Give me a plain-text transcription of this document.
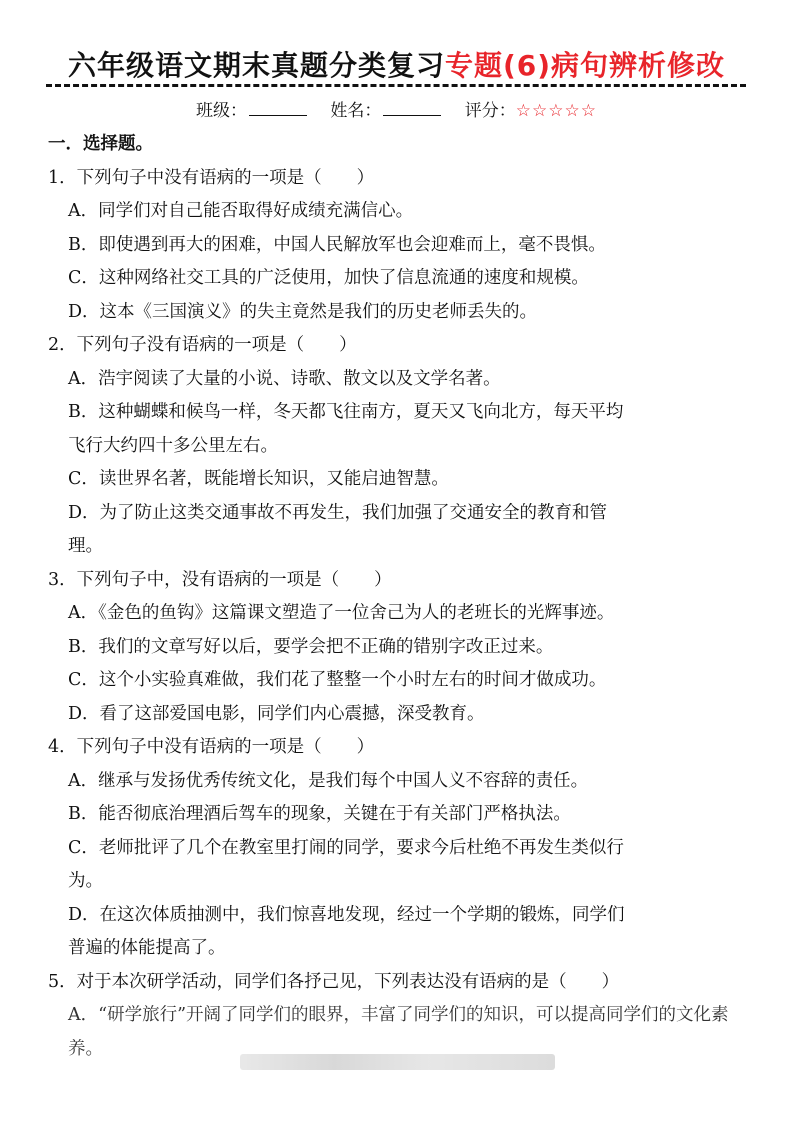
六年级语文期末真题分类复习专题(6)病句辨析修改
班级：	姓名：	评分：☆☆☆☆☆
一．选择题。
1．下列句子中没有语病的一项是（　　）
A．同学们对自己能否取得好成绩充满信心。
B．即使遇到再大的困难，中国人民解放军也会迎难而上，毫不畏惧。
C．这种网络社交工具的广泛使用，加快了信息流通的速度和规模。
D．这本《三国演义》的失主竟然是我们的历史老师丢失的。
2．下列句子没有语病的一项是（　　）
A．浩宇阅读了大量的小说、诗歌、散文以及文学名著。
B．这种蝴蝶和候鸟一样，冬天都飞往南方，夏天又飞向北方，每天平均
飞行大约四十多公里左右。
C．读世界名著，既能增长知识，又能启迪智慧。
D．为了防止这类交通事故不再发生，我们加强了交通安全的教育和管
理。
3．下列句子中，没有语病的一项是（　　）
A．《金色的鱼钩》这篇课文塑造了一位舍己为人的老班长的光辉事迹。
B．我们的文章写好以后，要学会把不正确的错别字改正过来。
C．这个小实验真难做，我们花了整整一个小时左右的时间才做成功。
D．看了这部爱国电影，同学们内心震撼，深受教育。
4．下列句子中没有语病的一项是（　　）
A．继承与发扬优秀传统文化，是我们每个中国人义不容辞的责任。
B．能否彻底治理酒后驾车的现象，关键在于有关部门严格执法。
C．老师批评了几个在教室里打闹的同学，要求今后杜绝不再发生类似行
为。
D．在这次体质抽测中，我们惊喜地发现，经过一个学期的锻炼，同学们
普遍的体能提高了。
5．对于本次研学活动，同学们各抒己见，下列表达没有语病的是（　　）
A．“研学旅行”开阔了同学们的眼界，丰富了同学们的知识，可以提高同学们的文化素养。
